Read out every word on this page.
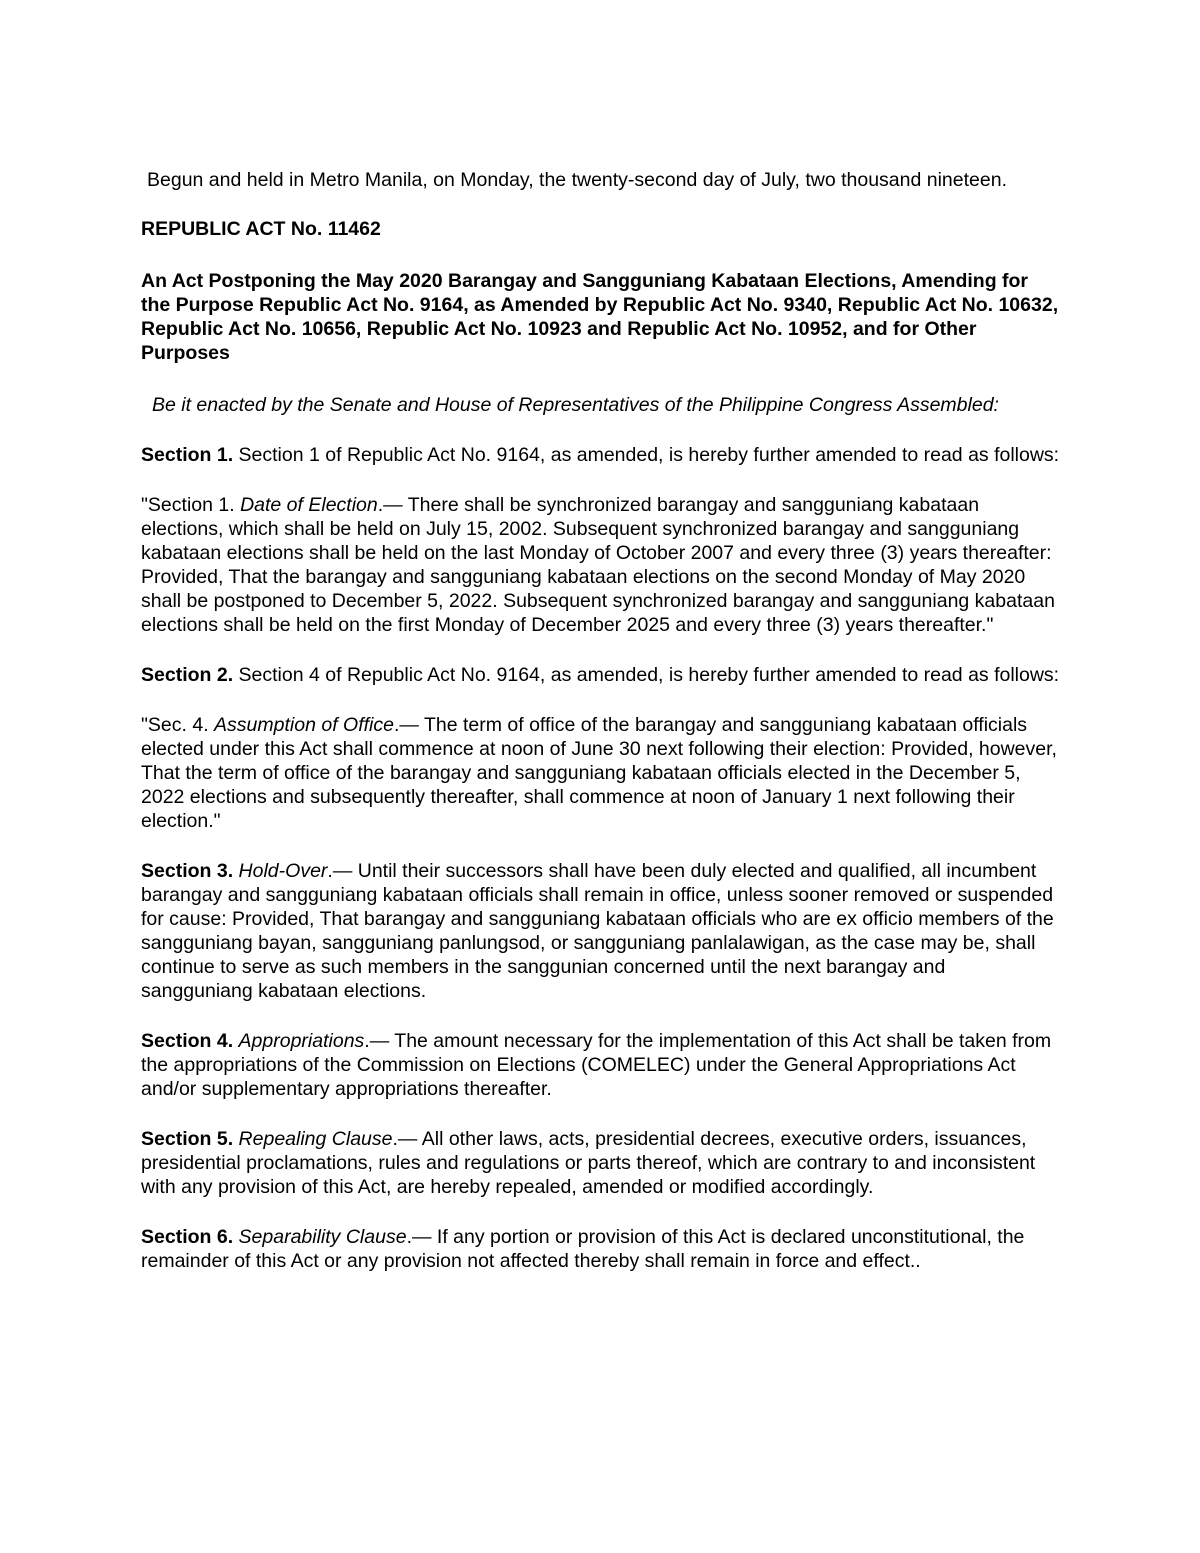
Begun and held in Metro Manila, on Monday, the twenty-second day of July, two thousand nineteen.

REPUBLIC ACT No. 11462

An Act Postponing the May 2020 Barangay and Sangguniang Kabataan Elections, Amending for the Purpose Republic Act No. 9164, as Amended by Republic Act No. 9340, Republic Act No. 10632, Republic Act No. 10656, Republic Act No. 10923 and Republic Act No. 10952, and for Other Purposes

Be it enacted by the Senate and House of Representatives of the Philippine Congress Assembled:

Section 1. Section 1 of Republic Act No. 9164, as amended, is hereby further amended to read as follows:

"Section 1. Date of Election.— There shall be synchronized barangay and sangguniang kabataan elections, which shall be held on July 15, 2002. Subsequent synchronized barangay and sangguniang kabataan elections shall be held on the last Monday of October 2007 and every three (3) years thereafter: Provided, That the barangay and sangguniang kabataan elections on the second Monday of May 2020 shall be postponed to December 5, 2022. Subsequent synchronized barangay and sangguniang kabataan elections shall be held on the first Monday of December 2025 and every three (3) years thereafter."

Section 2. Section 4 of Republic Act No. 9164, as amended, is hereby further amended to read as follows:

"Sec. 4. Assumption of Office.— The term of office of the barangay and sangguniang kabataan officials elected under this Act shall commence at noon of June 30 next following their election: Provided, however, That the term of office of the barangay and sangguniang kabataan officials elected in the December 5, 2022 elections and subsequently thereafter, shall commence at noon of January 1 next following their election."

Section 3. Hold-Over.— Until their successors shall have been duly elected and qualified, all incumbent barangay and sangguniang kabataan officials shall remain in office, unless sooner removed or suspended for cause: Provided, That barangay and sangguniang kabataan officials who are ex officio members of the sangguniang bayan, sangguniang panlungsod, or sangguniang panlalawigan, as the case may be, shall continue to serve as such members in the sanggunian concerned until the next barangay and sangguniang kabataan elections.

Section 4. Appropriations.— The amount necessary for the implementation of this Act shall be taken from the appropriations of the Commission on Elections (COMELEC) under the General Appropriations Act and/or supplementary appropriations thereafter.

Section 5. Repealing Clause.— All other laws, acts, presidential decrees, executive orders, issuances, presidential proclamations, rules and regulations or parts thereof, which are contrary to and inconsistent with any provision of this Act, are hereby repealed, amended or modified accordingly.

Section 6. Separability Clause.— If any portion or provision of this Act is declared unconstitutional, the remainder of this Act or any provision not affected thereby shall remain in force and effect..
